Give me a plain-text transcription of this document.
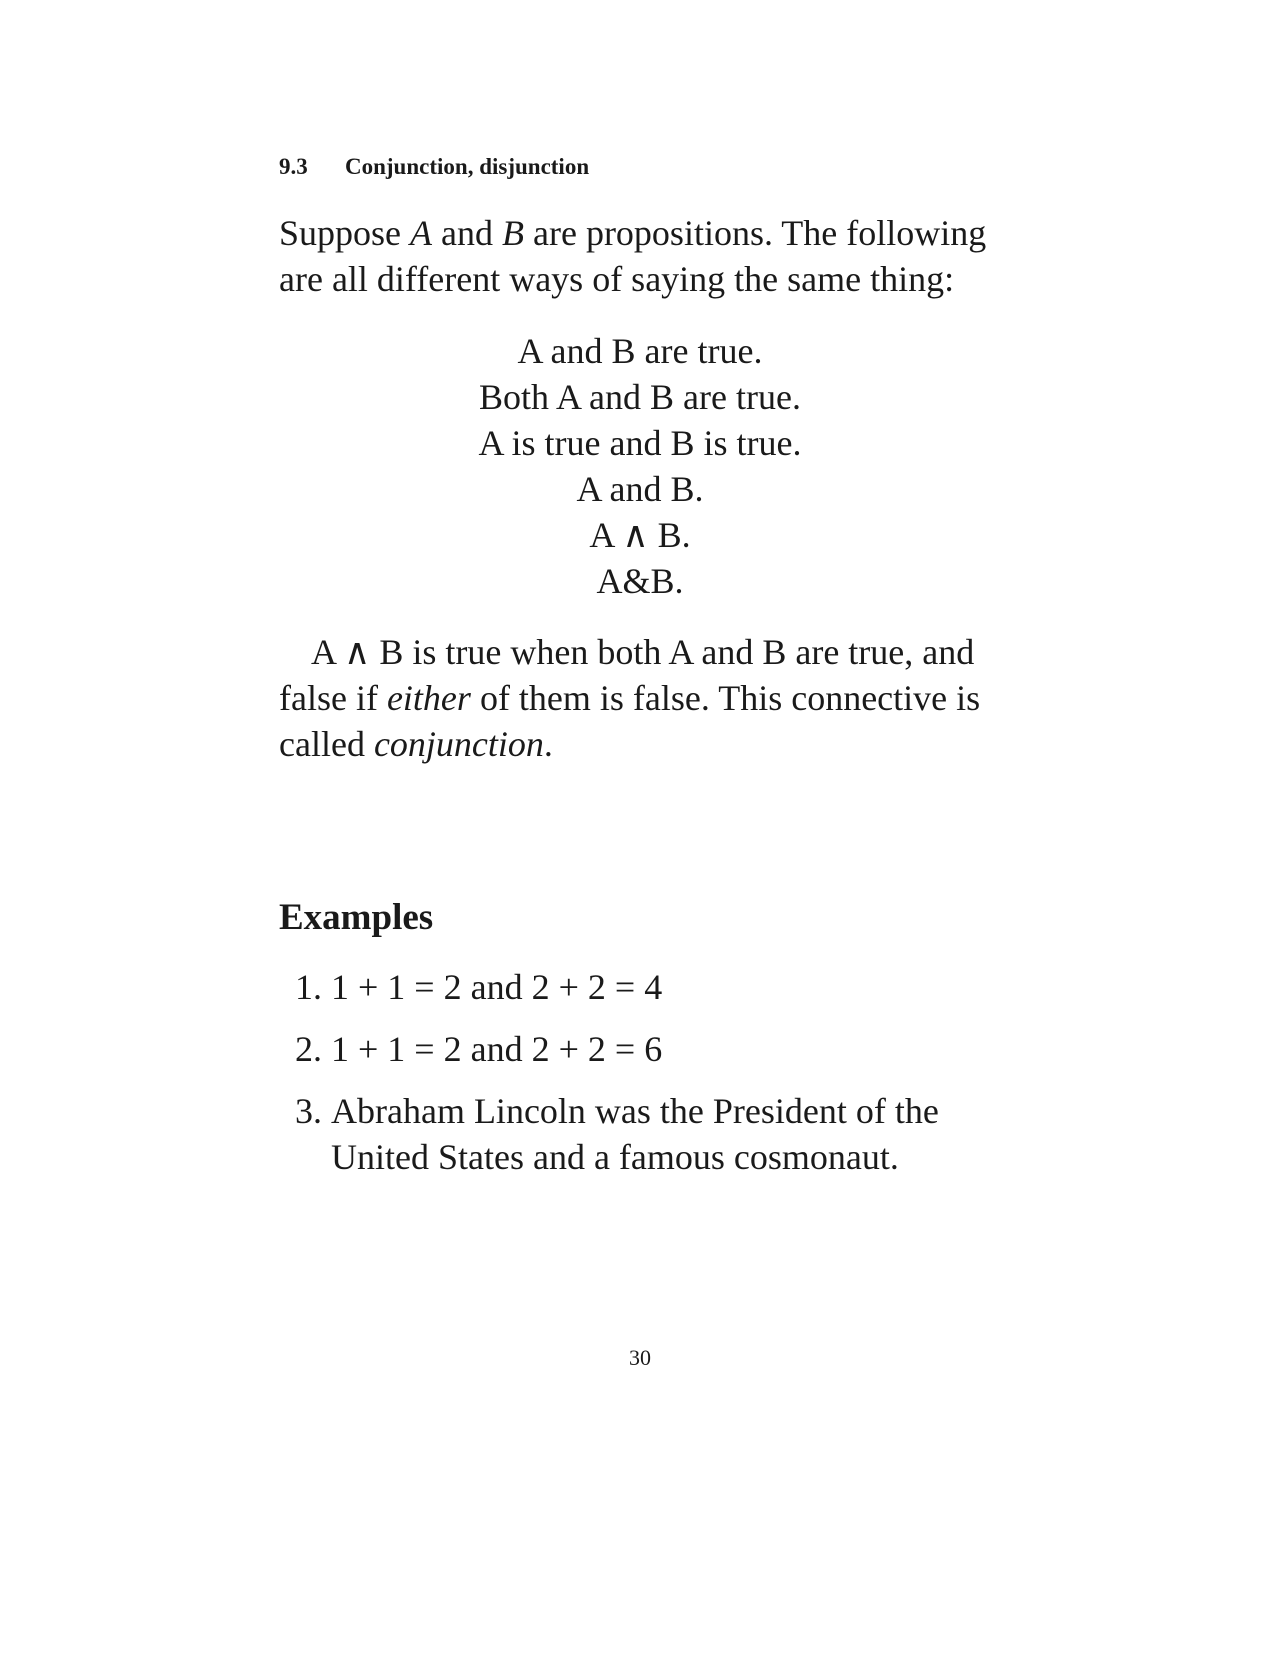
9.3 Conjunction, disjunction
Suppose A and B are propositions. The following
are all different ways of saying the same thing:
A and B are true.
Both A and B are true.
A is true and B is true.
A and B.
A ∧ B.
A&B.
A ∧ B is true when both A and B are true, and
false if either of them is false. This connective is
called conjunction.
Examples
1. 1 + 1 = 2 and 2 + 2 = 4
2. 1 + 1 = 2 and 2 + 2 = 6
3. Abraham Lincoln was the President of the United States and a famous cosmonaut.
30
